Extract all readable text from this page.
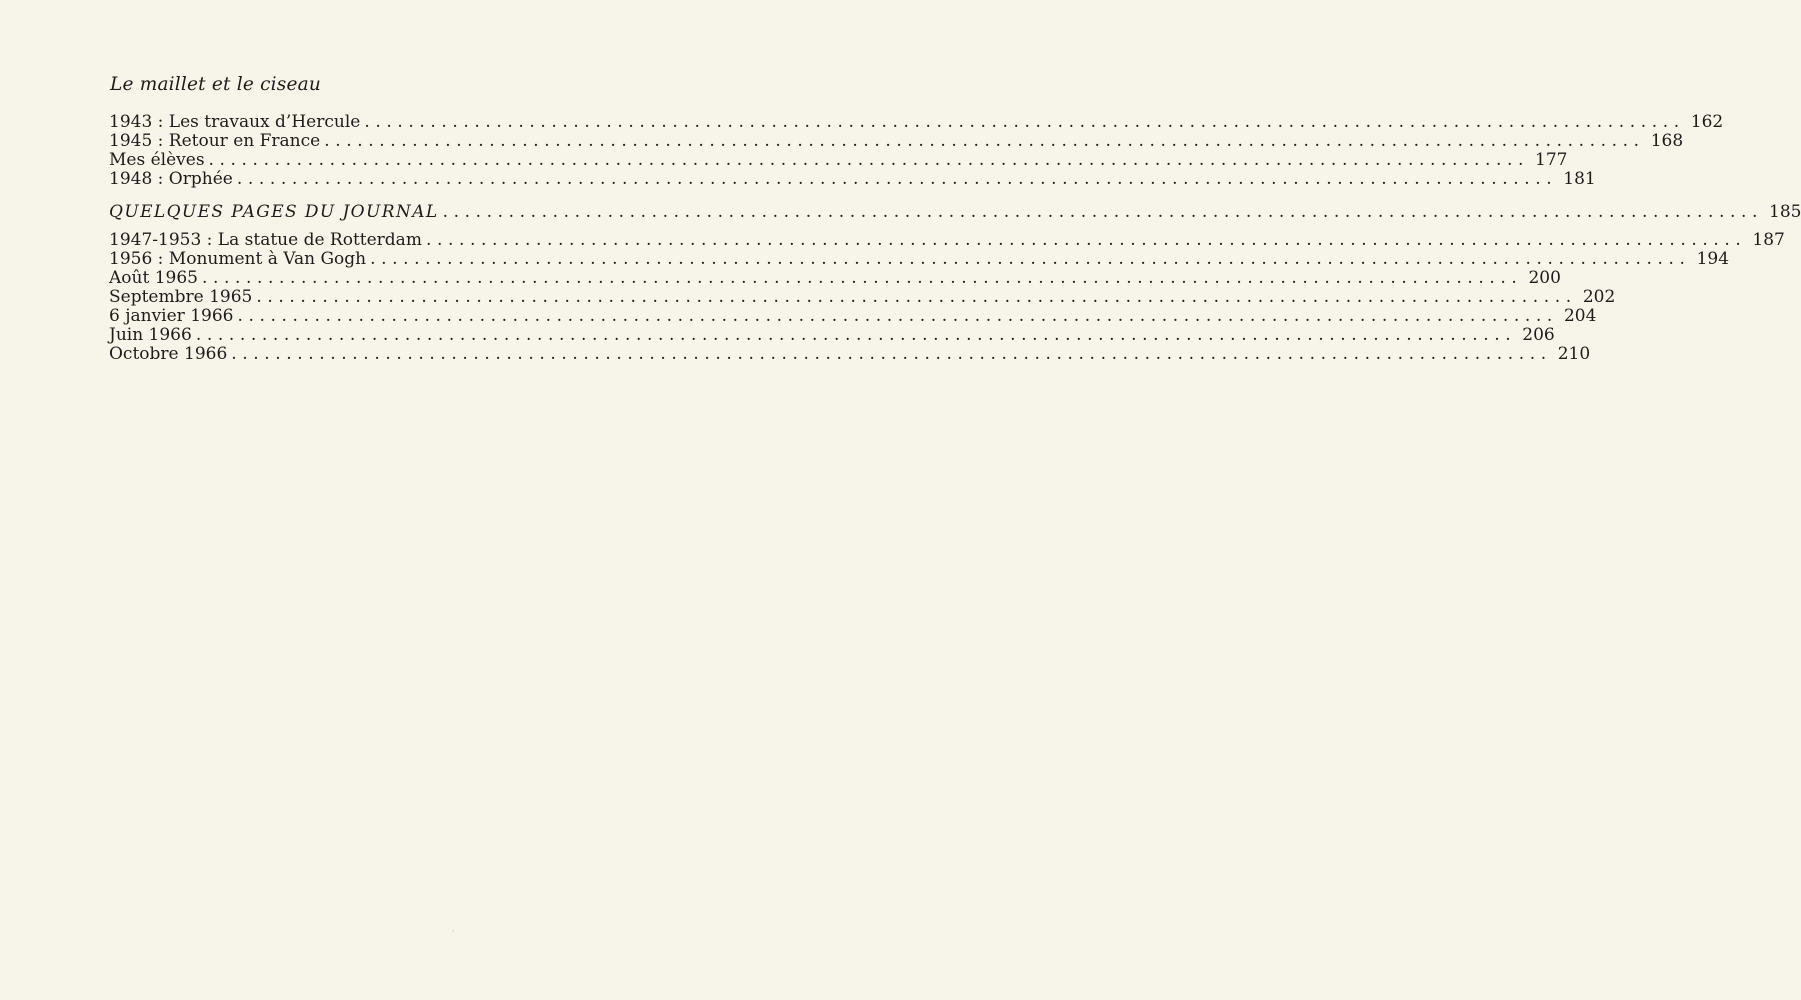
Le maillet et le ciseau
1943 : Les travaux d’Hercule ........................................................................................................................ 162
1945 : Retour en France ........................................................................................................................ 168
Mes élèves ........................................................................................................................ 177
1948 : Orphée ........................................................................................................................ 181
QUELQUES PAGES DU JOURNAL ........................................................................................................................ 185
1947-1953 : La statue de Rotterdam ........................................................................................................................ 187
1956 : Monument à Van Gogh ........................................................................................................................ 194
Août 1965 ........................................................................................................................ 200
Septembre 1965 ........................................................................................................................ 202
6 janvier 1966 ........................................................................................................................ 204
Juin 1966 ........................................................................................................................ 206
Octobre 1966 ........................................................................................................................ 210
·
